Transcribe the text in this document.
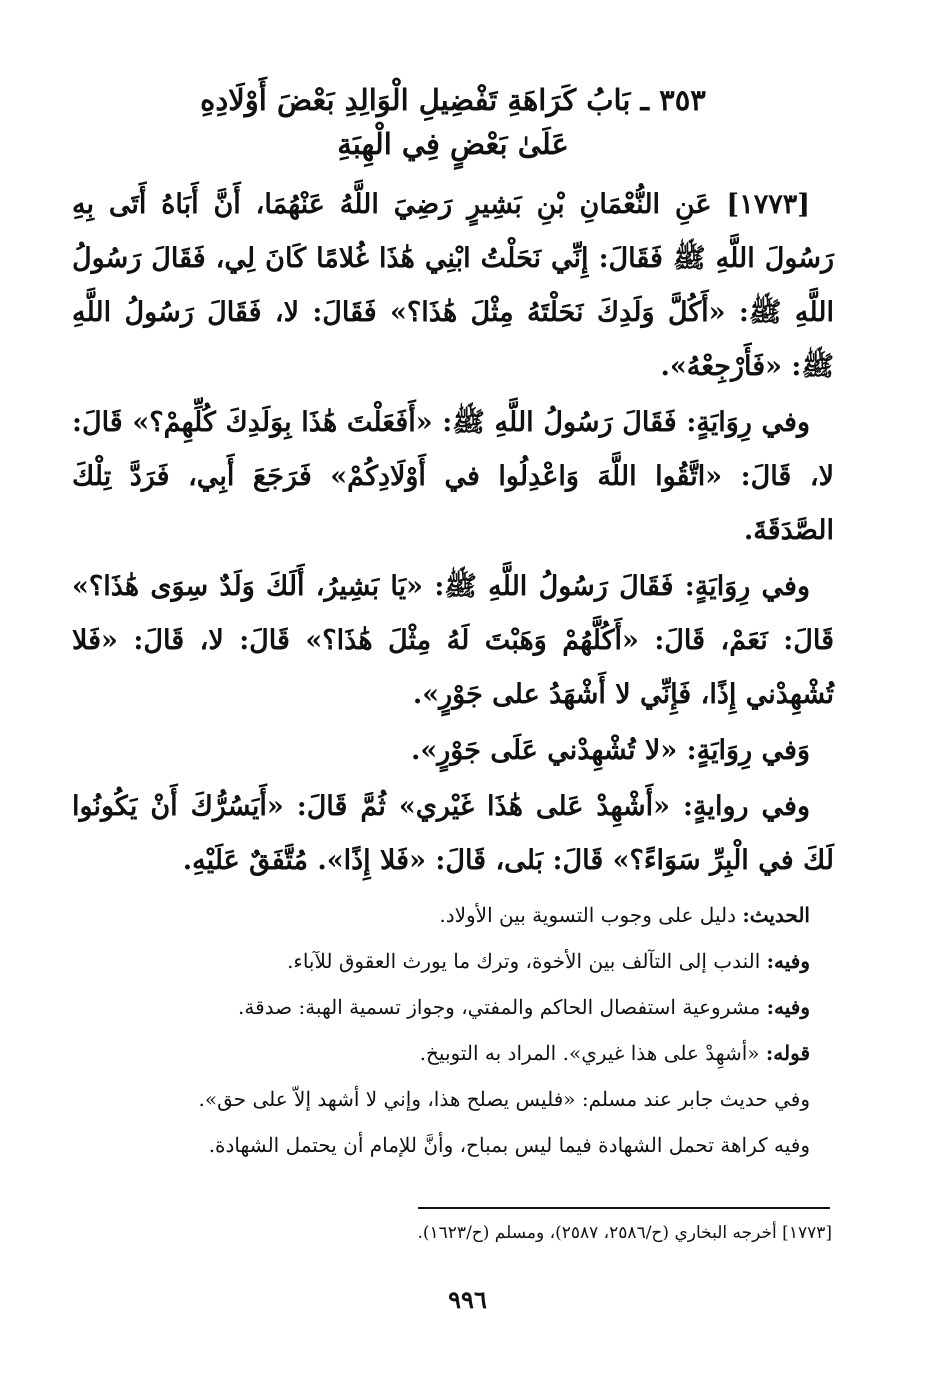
٣٥٣ ـ بَابُ كَرَاهَةِ تَفْضِيلِ الْوَالِدِ بَعْضَ أَوْلَادِهِ
عَلَىٰ بَعْضٍ فِي الْهِبَةِ

[١٧٧٣] عَنِ النُّعْمَانِ بْنِ بَشِيرٍ رَضِيَ اللَّهُ عَنْهُمَا، أَنَّ أَبَاهُ أَتَى بِهِ رَسُولَ اللَّهِ ﷺ فَقَالَ: إِنِّي نَحَلْتُ ابْنِي هَٰذَا غُلامًا كَانَ لِي، فَقَالَ رَسُولُ اللَّهِ ﷺ: «أَكُلَّ وَلَدِكَ نَحَلْتَهُ مِثْلَ هَٰذَا؟» فَقَالَ: لا، فَقَالَ رَسُولُ اللَّهِ ﷺ: «فَأَرْجِعْهُ».

وفي رِوَايَةٍ: فَقَالَ رَسُولُ اللَّهِ ﷺ: «أَفَعَلْتَ هَٰذَا بِوَلَدِكَ كُلِّهِمْ؟» قَالَ: لا، قَالَ: «اتَّقُوا اللَّهَ وَاعْدِلُوا في أَوْلَادِكُمْ» فَرَجَعَ أَبِي، فَرَدَّ تِلْكَ الصَّدَقَةَ.

وفي رِوَايَةٍ: فَقَالَ رَسُولُ اللَّهِ ﷺ: «يَا بَشِيرُ، أَلَكَ وَلَدٌ سِوَى هَٰذَا؟» قَالَ: نَعَمْ، قَالَ: «أَكُلَّهُمْ وَهَبْتَ لَهُ مِثْلَ هَٰذَا؟» قَالَ: لا، قَالَ: «فَلا تُشْهِدْني إِذًا، فَإِنِّي لا أَشْهَدُ على جَوْرٍ».

وَفي رِوَايَةٍ: «لا تُشْهِدْني عَلَى جَوْرٍ».

وفي روايةٍ: «أَشْهِدْ عَلى هَٰذَا غَيْري» ثُمَّ قَالَ: «أَيَسُرُّكَ أَنْ يَكُونُوا لَكَ في الْبِرِّ سَوَاءً؟» قَالَ: بَلى، قَالَ: «فَلا إِذًا». مُتَّفَقٌ عَلَيْهِ.

الحديث: دليل على وجوب التسوية بين الأولاد.

وفيه: الندب إلى التآلف بين الأخوة، وترك ما يورث العقوق للآباء.

وفيه: مشروعية استفصال الحاكم والمفتي، وجواز تسمية الهبة: صدقة.

قوله: «أشهِدْ على هذا غيري». المراد به التوبيخ.

وفي حديث جابر عند مسلم: «فليس يصلح هذا، وإني لا أشهد إلاّ على حق».

وفيه كراهة تحمل الشهادة فيما ليس بمباح، وأنَّ للإمام أن يحتمل الشهادة.

[١٧٧٣] أخرجه البخاري (ح/٢٥٨٦، ٢٥٨٧)، ومسلم (ح/١٦٢٣).
٩٩٦
